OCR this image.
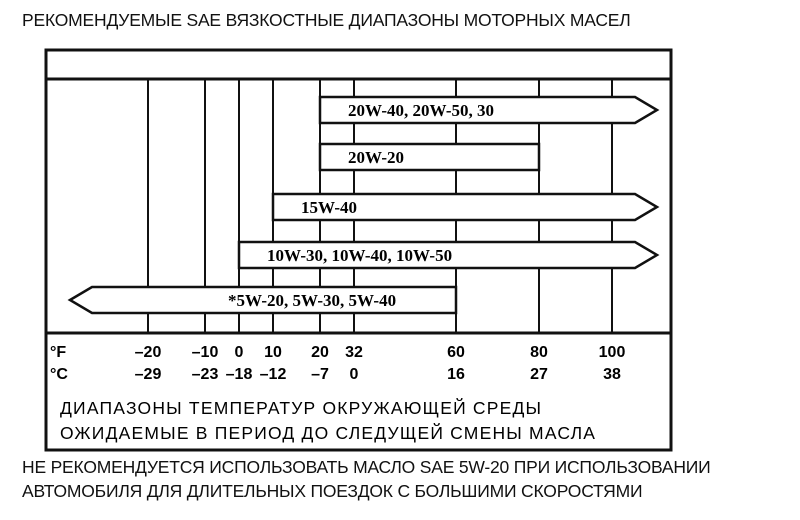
РЕКОМЕНДУЕМЫЕ SAE ВЯЗКОСТНЫЕ ДИАПАЗОНЫ МОТОРНЫХ МАСЕЛ
20W-40, 20W-50, 30
20W-20
15W-40
10W-30, 10W-40, 10W-50
*5W-20, 5W-30, 5W-40
°F
°C
–20
–29
–10
–23
0
–18
10
–12
20
–7
32
0
60
16
80
27
100
38
ДИАПАЗОНЫ ТЕМПЕРАТУР ОКРУЖАЮЩЕЙ СРЕДЫ
ОЖИДАЕМЫЕ В ПЕРИОД ДО СЛЕДУЩЕЙ СМЕНЫ МАСЛА
НЕ РЕКОМЕНДУЕТСЯ ИСПОЛЬЗОВАТЬ МАСЛО SAE 5W-20 ПРИ ИСПОЛЬЗОВАНИИ
АВТОМОБИЛЯ ДЛЯ ДЛИТЕЛЬНЫХ ПОЕЗДОК С БОЛЬШИМИ СКОРОСТЯМИ
